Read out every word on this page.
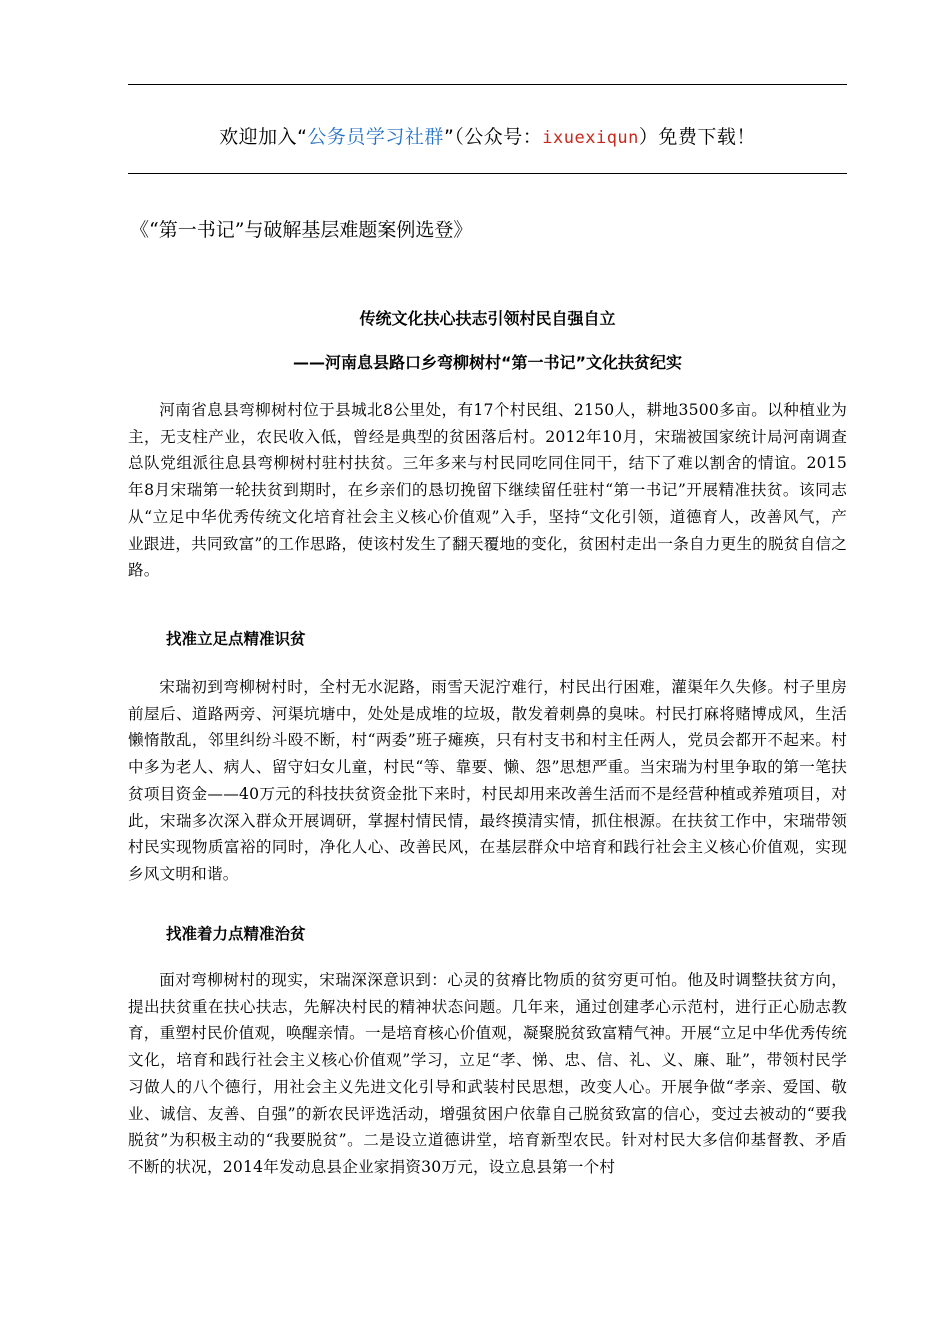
欢迎加入“公务员学习社群”（公众号：ixuexiqun）免费下载！
《“第一书记”与破解基层难题案例选登》
传统文化扶心扶志引领村民自强自立
——河南息县路口乡弯柳树村“第一书记”文化扶贫纪实

河南省息县弯柳树村位于县城北8公里处，有17个村民组、2150人，耕地3500多亩。以种植业为主，无支柱产业，农民收入低，曾经是典型的贫困落后村。2012年10月，宋瑞被国家统计局河南调查总队党组派往息县弯柳树村驻村扶贫。三年多来与村民同吃同住同干，结下了难以割舍的情谊。2015年8月宋瑞第一轮扶贫到期时，在乡亲们的恳切挽留下继续留任驻村“第一书记”开展精准扶贫。该同志从“立足中华优秀传统文化培育社会主义核心价值观”入手，坚持“文化引领，道德育人，改善风气，产业跟进，共同致富”的工作思路，使该村发生了翻天覆地的变化，贫困村走出一条自力更生的脱贫自信之路。

找准立足点精准识贫

宋瑞初到弯柳树村时，全村无水泥路，雨雪天泥泞难行，村民出行困难，灌渠年久失修。村子里房前屋后、道路两旁、河渠坑塘中，处处是成堆的垃圾，散发着刺鼻的臭味。村民打麻将赌博成风，生活懒惰散乱，邻里纠纷斗殴不断，村“两委”班子瘫痪，只有村支书和村主任两人，党员会都开不起来。村中多为老人、病人、留守妇女儿童，村民“等、靠要、懒、怨”思想严重。当宋瑞为村里争取的第一笔扶贫项目资金——40万元的科技扶贫资金批下来时，村民却用来改善生活而不是经营种植或养殖项目，对此，宋瑞多次深入群众开展调研，掌握村情民情，最终摸清实情，抓住根源。在扶贫工作中，宋瑞带领村民实现物质富裕的同时，净化人心、改善民风，在基层群众中培育和践行社会主义核心价值观，实现乡风文明和谐。

找准着力点精准治贫

面对弯柳树村的现实，宋瑞深深意识到：心灵的贫瘠比物质的贫穷更可怕。他及时调整扶贫方向，提出扶贫重在扶心扶志，先解决村民的精神状态问题。几年来，通过创建孝心示范村，进行正心励志教育，重塑村民价值观，唤醒亲情。一是培育核心价值观，凝聚脱贫致富精气神。开展“立足中华优秀传统文化，培育和践行社会主义核心价值观”学习，立足“孝、悌、忠、信、礼、义、廉、耻”，带领村民学习做人的八个德行，用社会主义先进文化引导和武装村民思想，改变人心。开展争做“孝亲、爱国、敬业、诚信、友善、自强”的新农民评选活动，增强贫困户依靠自己脱贫致富的信心，变过去被动的“要我脱贫”为积极主动的“我要脱贫”。二是设立道德讲堂，培育新型农民。针对村民大多信仰基督教、矛盾不断的状况，2014年发动息县企业家捐资30万元，设立息县第一个村
